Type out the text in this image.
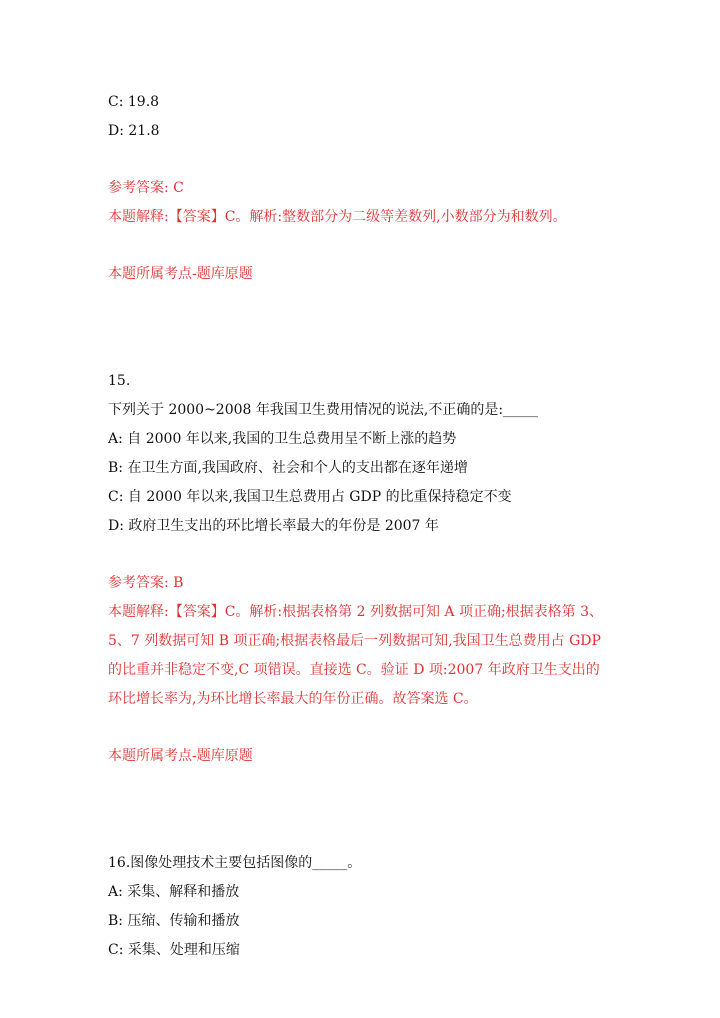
C: 19.8
D: 21.8
参考答案: C
本题解释:【答案】C。解析:整数部分为二级等差数列,小数部分为和数列。
本题所属考点-题库原题
15.
下列关于 2000~2008 年我国卫生费用情况的说法,不正确的是:_____
A: 自 2000 年以来,我国的卫生总费用呈不断上涨的趋势
B: 在卫生方面,我国政府、社会和个人的支出都在逐年递增
C: 自 2000 年以来,我国卫生总费用占 GDP 的比重保持稳定不变
D: 政府卫生支出的环比增长率最大的年份是 2007 年
参考答案: B
本题解释:【答案】C。解析:根据表格第 2 列数据可知 A 项正确;根据表格第 3、5、7 列数据可知 B 项正确;根据表格最后一列数据可知,我国卫生总费用占 GDP 的比重并非稳定不变,C 项错误。直接选 C。验证 D 项:2007 年政府卫生支出的环比增长率为,为环比增长率最大的年份正确。故答案选 C。
本题所属考点-题库原题
16.图像处理技术主要包括图像的_____。
A: 采集、解释和播放
B: 压缩、传输和播放
C: 采集、处理和压缩
